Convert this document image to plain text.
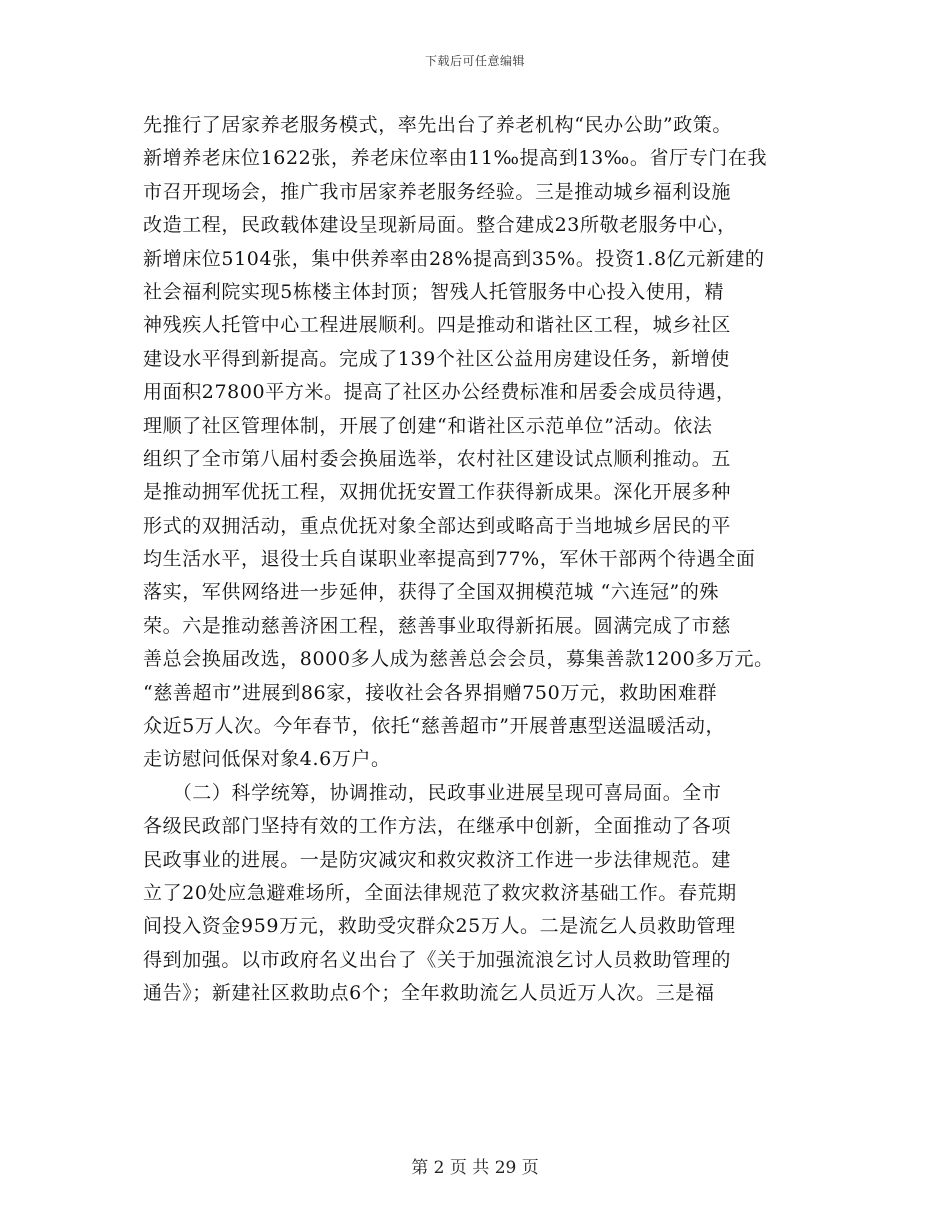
下载后可任意编辑
先推行了居家养老服务模式，率先出台了养老机构“民办公助”政策。
新增养老床位1622张，养老床位率由11‰提高到13‰。省厅专门在我
市召开现场会，推广我市居家养老服务经验。三是推动城乡福利设施
改造工程，民政载体建设呈现新局面。整合建成23所敬老服务中心，
新增床位5104张，集中供养率由28%提高到35%。投资1.8亿元新建的
社会福利院实现5栋楼主体封顶；智残人托管服务中心投入使用，精
神残疾人托管中心工程进展顺利。四是推动和谐社区工程，城乡社区
建设水平得到新提高。完成了139个社区公益用房建设任务，新增使
用面积27800平方米。提高了社区办公经费标准和居委会成员待遇，
理顺了社区管理体制，开展了创建“和谐社区示范单位”活动。依法
组织了全市第八届村委会换届选举，农村社区建设试点顺利推动。五
是推动拥军优抚工程，双拥优抚安置工作获得新成果。深化开展多种
形式的双拥活动，重点优抚对象全部达到或略高于当地城乡居民的平
均生活水平，退役士兵自谋职业率提高到77%，军休干部两个待遇全面
落实，军供网络进一步延伸，获得了全国双拥模范城 “六连冠”的殊
荣。六是推动慈善济困工程，慈善事业取得新拓展。圆满完成了市慈
善总会换届改选，8000多人成为慈善总会会员，募集善款1200多万元。
“慈善超市”进展到86家，接收社会各界捐赠750万元，救助困难群
众近5万人次。今年春节，依托“慈善超市”开展普惠型送温暖活动，
走访慰问低保对象4.6万户。
　　（二）科学统筹，协调推动，民政事业进展呈现可喜局面。全市
各级民政部门坚持有效的工作方法，在继承中创新，全面推动了各项
民政事业的进展。一是防灾减灾和救灾救济工作进一步法律规范。建
立了20处应急避难场所，全面法律规范了救灾救济基础工作。春荒期
间投入资金959万元，救助受灾群众25万人。二是流乞人员救助管理
得到加强。以市政府名义出台了《关于加强流浪乞讨人员救助管理的
通告》；新建社区救助点6个；全年救助流乞人员近万人次。三是福
第 2 页 共 29 页
